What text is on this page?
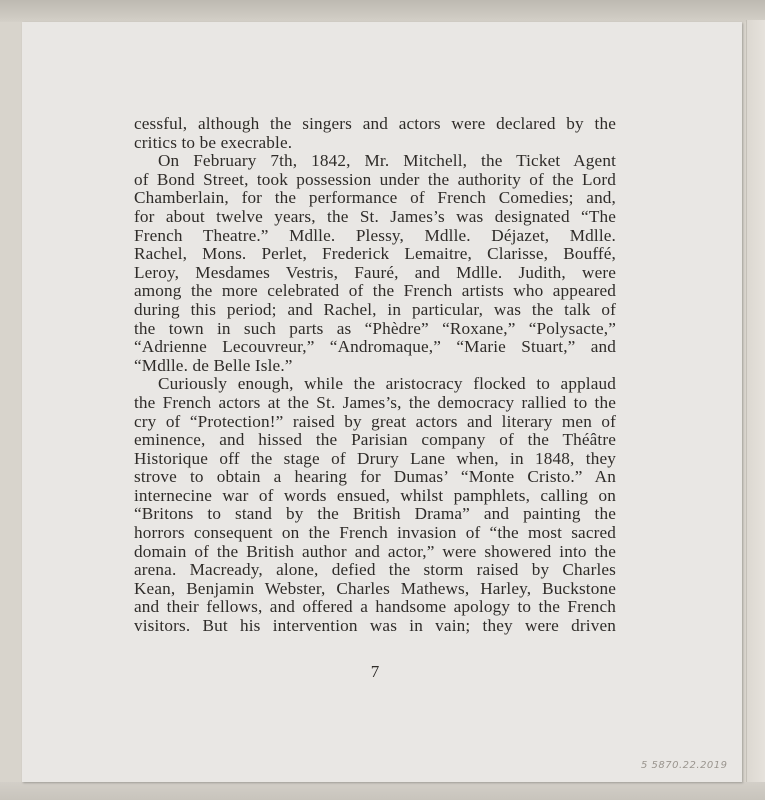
cessful, although the singers and actors were declared by the

critics to be execrable.

On February 7th, 1842, Mr. Mitchell, the Ticket Agent

of Bond Street, took possession under the authority of the Lord

Chamberlain, for the performance of French Comedies; and,

for about twelve years, the St. James’s was designated “The

French Theatre.” Mdlle. Plessy, Mdlle. Déjazet, Mdlle.

Rachel, Mons. Perlet, Frederick Lemaitre, Clarisse, Bouffé,

Leroy, Mesdames Vestris, Fauré, and Mdlle. Judith, were

among the more celebrated of the French artists who appeared

during this period; and Rachel, in particular, was the talk of

the town in such parts as “Phèdre” “Roxane,” “Polysacte,”

“Adrienne Lecouvreur,” “Andromaque,” “Marie Stuart,” and

“Mdlle. de Belle Isle.”

Curiously enough, while the aristocracy flocked to applaud

the French actors at the St. James’s, the democracy rallied to the

cry of “Protection!” raised by great actors and literary men of

eminence, and hissed the Parisian company of the Théâtre

Historique off the stage of Drury Lane when, in 1848, they

strove to obtain a hearing for Dumas’ “Monte Cristo.” An

internecine war of words ensued, whilst pamphlets, calling on

“Britons to stand by the British Drama” and painting the

horrors consequent on the French invasion of “the most sacred

domain of the British author and actor,” were showered into the

arena. Macready, alone, defied the storm raised by Charles

Kean, Benjamin Webster, Charles Mathews, Harley, Buckstone

and their fellows, and offered a handsome apology to the French

visitors. But his intervention was in vain; they were driven

7
5 5870.22.2019
